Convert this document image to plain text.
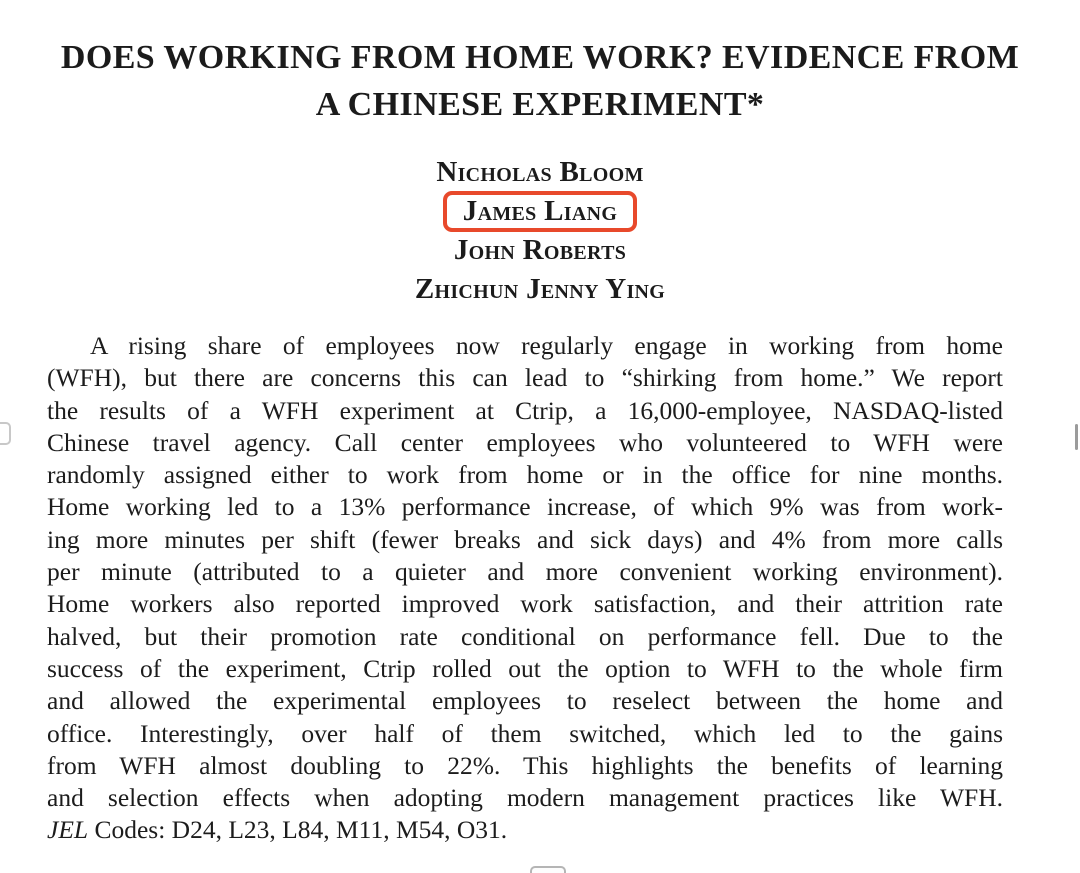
DOES WORKING FROM HOME WORK? EVIDENCE FROM
A CHINESE EXPERIMENT*
Nicholas Bloom
James Liang
John Roberts
Zhichun Jenny Ying
A rising share of employees now regularly engage in working from home
(WFH), but there are concerns this can lead to “shirking from home.” We report
the results of a WFH experiment at Ctrip, a 16,000-employee, NASDAQ-listed
Chinese travel agency. Call center employees who volunteered to WFH were
randomly assigned either to work from home or in the office for nine months.
Home working led to a 13% performance increase, of which 9% was from work-
ing more minutes per shift (fewer breaks and sick days) and 4% from more calls
per minute (attributed to a quieter and more convenient working environment).
Home workers also reported improved work satisfaction, and their attrition rate
halved, but their promotion rate conditional on performance fell. Due to the
success of the experiment, Ctrip rolled out the option to WFH to the whole firm
and allowed the experimental employees to reselect between the home and
office. Interestingly, over half of them switched, which led to the gains
from WFH almost doubling to 22%. This highlights the benefits of learning
and selection effects when adopting modern management practices like WFH.
JEL Codes: D24, L23, L84, M11, M54, O31.
